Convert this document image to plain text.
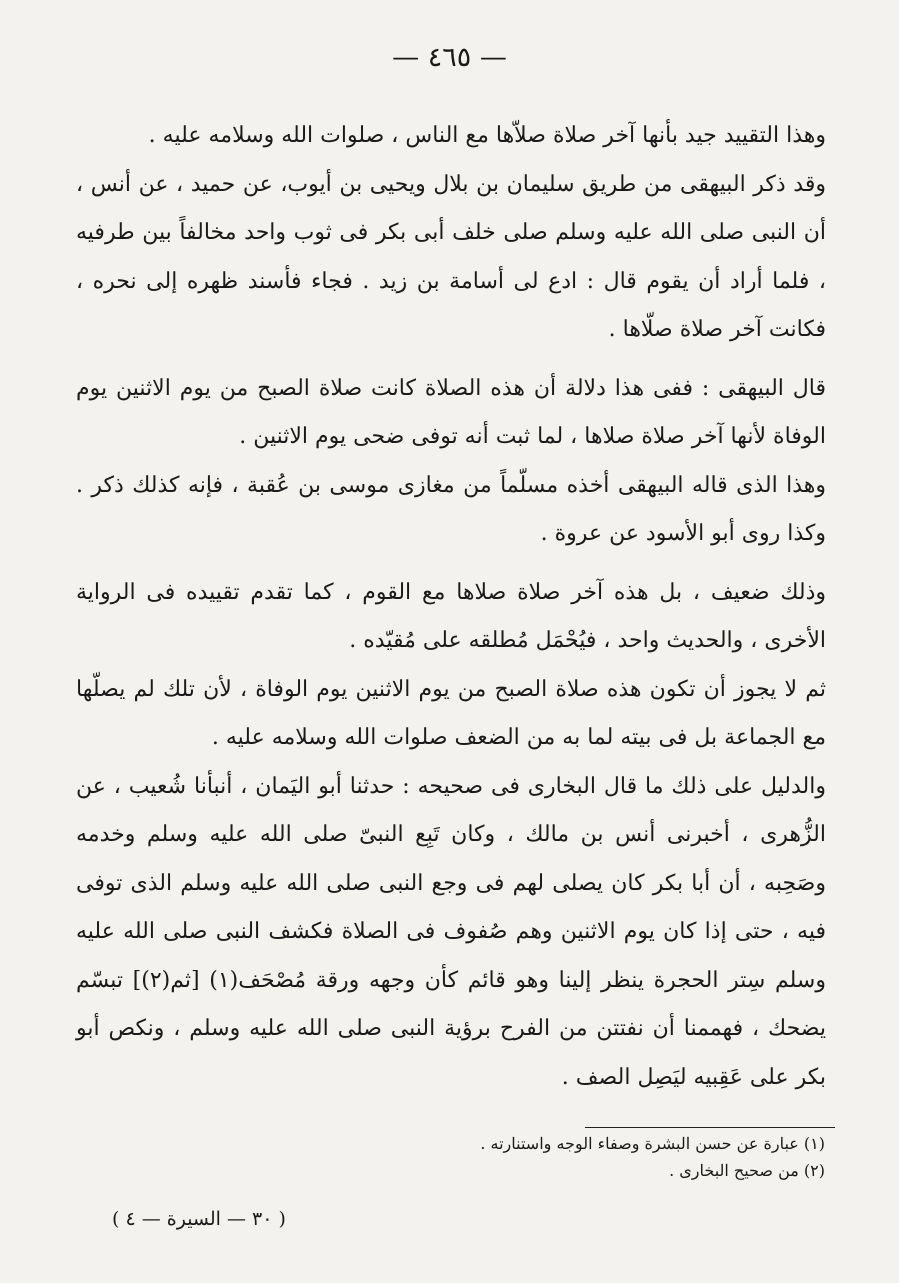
— ٤٦٥ —

وهذا التقييد جيد بأنها آخر صلاة صلاّها مع الناس ، صلوات الله وسلامه عليه .

وقد ذكر البيهقى من طريق سليمان بن بلال ويحيى بن أيوب، عن حميد ، عن أنس ، أن النبى صلى الله عليه وسلم صلى خلف أبى بكر فى ثوب واحد مخالفاً بين طرفيه ، فلما أراد أن يقوم قال : ادع لى أسامة بن زيد . فجاء فأسند ظهره إلى نحره ، فكانت آخر صلاة صلّاها .

قال البيهقى : ففى هذا دلالة أن هذه الصلاة كانت صلاة الصبح من يوم الاثنين يوم الوفاة لأنها آخر صلاة صلاها ، لما ثبت أنه توفى ضحى يوم الاثنين .

وهذا الذى قاله البيهقى أخذه مسلّماً من مغازى موسى بن عُقبة ، فإنه كذلك ذكر . وكذا روى أبو الأسود عن عروة .

وذلك ضعيف ، بل هذه آخر صلاة صلاها مع القوم ، كما تقدم تقييده فى الرواية الأخرى ، والحديث واحد ، فيُحْمَل مُطلقه على مُقيّده .

ثم لا يجوز أن تكون هذه صلاة الصبح من يوم الاثنين يوم الوفاة ، لأن تلك لم يصلّها مع الجماعة بل فى بيته لما به من الضعف صلوات الله وسلامه عليه .

والدليل على ذلك ما قال البخارى فى صحيحه : حدثنا أبو اليَمان ، أنبأنا شُعيب ، عن الزُّهرى ، أخبرنى أنس بن مالك ، وكان تَبِع النبىّ صلى الله عليه وسلم وخدمه وصَحِبه ، أن أبا بكر كان يصلى لهم فى وجع النبى صلى الله عليه وسلم الذى توفى فيه ، حتى إذا كان يوم الاثنين وهم صُفوف فى الصلاة فكشف النبى صلى الله عليه وسلم سِتر الحجرة ينظر إلينا وهو قائم كأن وجهه ورقة مُصْحَف(١) [ثم(٢)] تبسّم يضحك ، فهممنا أن نفتتن من الفرح برؤية النبى صلى الله عليه وسلم ، ونكص أبو بكر على عَقِبيه ليَصِل الصف .

(١) عبارة عن حسن البشرة وصفاء الوجه واستنارته .

(٢) من صحيح البخارى .

( ٣٠ — السيرة — ٤ )
